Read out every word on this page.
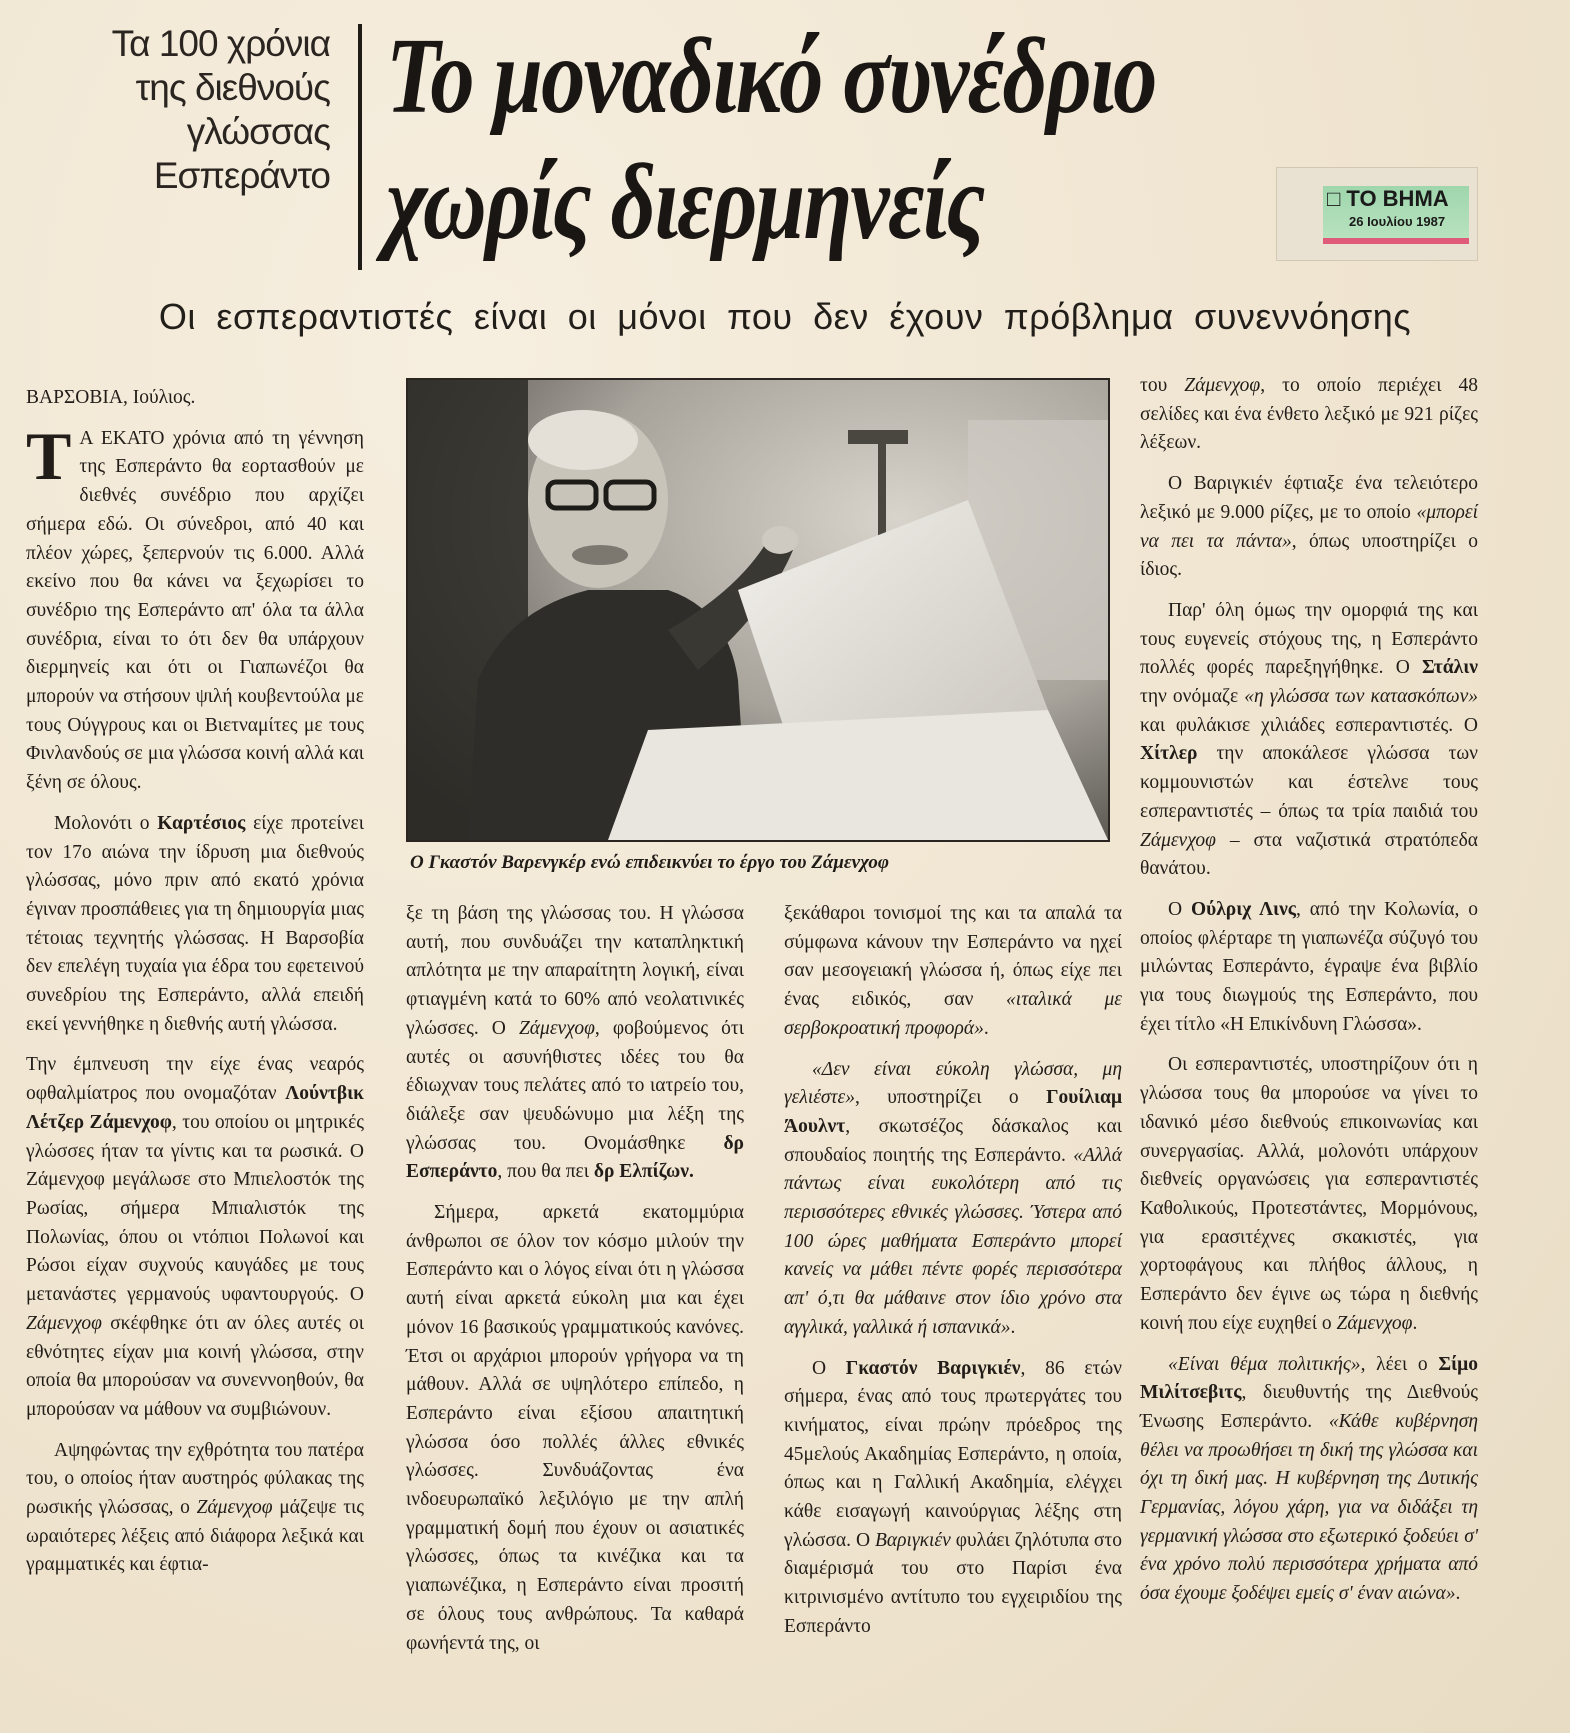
Τα 100 χρόνια
της διεθνούς
γλώσσας
Εσπεράντο
Το μοναδικό συνέδριο
χωρίς διερμηνείς	□ ΤΟ ΒΗΜΑ
26 Ιουλίου 1987
Οι εσπεραντιστές είναι οι μόνοι που δεν έχουν πρόβλημα συνεννόησης
Ο Γκαστόν Βαρενγκέρ ενώ επιδεικνύει το έργο του Ζάμενχοφ

ΒΑΡΣΟΒΙΑ, Ιούλιος.

Τ Α ΕΚΑΤΟ χρόνια από τη γέννηση της Εσπεράντο θα εορτασθούν με διεθνές συνέδριο που αρχίζει σήμερα εδώ. Οι σύνεδροι, από 40 και πλέον χώρες, ξεπερνούν τις 6.000. Αλλά εκείνο που θα κάνει να ξεχωρίσει το συνέδριο της Εσπεράντο απ' όλα τα άλλα συνέδρια, είναι το ότι δεν θα υπάρχουν διερμηνείς και ότι οι Γιαπωνέζοι θα μπορούν να στήσουν ψιλή κουβεντούλα με τους Ούγγρους και οι Βιετναμίτες με τους Φινλανδούς σε μια γλώσσα κοινή αλλά και ξένη σε όλους.

Μολονότι ο Καρτέσιος είχε προτείνει τον 17ο αιώνα την ίδρυση μια διεθνούς γλώσσας, μόνο πριν από εκατό χρόνια έγιναν προσπάθειες για τη δημιουργία μιας τέτοιας τεχνητής γλώσσας. Η Βαρσοβία δεν επελέγη τυχαία για έδρα του εφετεινού συνεδρίου της Εσπεράντο, αλλά επειδή εκεί γεννήθηκε η διεθνής αυτή γλώσσα.

Την έμπνευση την είχε ένας νεαρός οφθαλμίατρος που ονομαζόταν Λούντβικ Λέτζερ Ζάμενχοφ, του οποίου οι μητρικές γλώσσες ήταν τα γίντις και τα ρωσικά. Ο Ζάμενχοφ μεγάλωσε στο Μπιελοστόκ της Ρωσίας, σήμερα Μπιαλιστόκ της Πολωνίας, όπου οι ντόπιοι Πολωνοί και Ρώσοι είχαν συχνούς καυγάδες με τους μετανάστες γερμανούς υφαντουργούς. Ο Ζάμενχοφ σκέφθηκε ότι αν όλες αυτές οι εθνότητες είχαν μια κοινή γλώσσα, στην οποία θα μπορούσαν να συνεννοηθούν, θα μπορούσαν να μάθουν να συμβιώνουν.

Αψηφώντας την εχθρότητα του πατέρα του, ο οποίος ήταν αυστηρός φύλακας της ρωσικής γλώσσας, ο Ζάμενχοφ μάζεψε τις ωραιότερες λέξεις από διάφορα λεξικά και γραμματικές και έφτια-

ξε τη βάση της γλώσσας του. Η γλώσσα αυτή, που συνδυάζει την καταπληκτική απλότητα με την απαραίτητη λογική, είναι φτιαγμένη κατά το 60% από νεολατινικές γλώσσες. Ο Ζάμενχοφ, φοβούμενος ότι αυτές οι ασυνήθιστες ιδέες του θα έδιωχναν τους πελάτες από το ιατρείο του, διάλεξε σαν ψευδώνυμο μια λέξη της γλώσσας του. Ονομάσθηκε δρ Εσπεράντο, που θα πει δρ Ελπίζων.

Σήμερα, αρκετά εκατομμύρια άνθρωποι σε όλον τον κόσμο μιλούν την Εσπεράντο και ο λόγος είναι ότι η γλώσσα αυτή είναι αρκετά εύκολη μια και έχει μόνον 16 βασικούς γραμματικούς κανόνες. Έτσι οι αρχάριοι μπορούν γρήγορα να τη μάθουν. Αλλά σε υψηλότερο επίπεδο, η Εσπεράντο είναι εξίσου απαιτητική γλώσσα όσο πολλές άλλες εθνικές γλώσσες. Συνδυάζοντας ένα ινδοευρωπαϊκό λεξιλόγιο με την απλή γραμματική δομή που έχουν οι ασιατικές γλώσσες, όπως τα κινέζικα και τα γιαπωνέζικα, η Εσπεράντο είναι προσιτή σε όλους τους ανθρώπους. Τα καθαρά φωνήεντά της, οι

ξεκάθαροι τονισμοί της και τα απαλά τα σύμφωνα κάνουν την Εσπεράντο να ηχεί σαν μεσογειακή γλώσσα ή, όπως είχε πει ένας ειδικός, σαν «ιταλικά με σερβοκροατική προφορά».

«Δεν είναι εύκολη γλώσσα, μη γελιέστε», υποστηρίζει ο Γουίλιαμ Άουλντ, σκωτσέζος δάσκαλος και σπουδαίος ποιητής της Εσπεράντο. «Αλλά πάντως είναι ευκολότερη από τις περισσότερες εθνικές γλώσσες. Ύστερα από 100 ώρες μαθήματα Εσπεράντο μπορεί κανείς να μάθει πέντε φορές περισσότερα απ' ό,τι θα μάθαινε στον ίδιο χρόνο στα αγγλικά, γαλλικά ή ισπανικά».

Ο Γκαστόν Βαριγκιέν, 86 ετών σήμερα, ένας από τους πρωτεργάτες του κινήματος, είναι πρώην πρόεδρος της 45μελούς Ακαδημίας Εσπεράντο, η οποία, όπως και η Γαλλική Ακαδημία, ελέγχει κάθε εισαγωγή καινούργιας λέξης στη γλώσσα. Ο Βαριγκιέν φυλάει ζηλότυπα στο διαμέρισμά του στο Παρίσι ένα κιτρινισμένο αντίτυπο του εγχειριδίου της Εσπεράντο

του Ζάμενχοφ, το οποίο περιέχει 48 σελίδες και ένα ένθετο λεξικό με 921 ρίζες λέξεων.

Ο Βαριγκιέν έφτιαξε ένα τελειότερο λεξικό με 9.000 ρίζες, με το οποίο «μπορεί να πει τα πάντα», όπως υποστηρίζει ο ίδιος.

Παρ' όλη όμως την ομορφιά της και τους ευγενείς στόχους της, η Εσπεράντο πολλές φορές παρεξηγήθηκε. Ο Στάλιν την ονόμαζε «η γλώσσα των κατασκόπων» και φυλάκισε χιλιάδες εσπεραντιστές. Ο Χίτλερ την αποκάλεσε γλώσσα των κομμουνιστών και έστελνε τους εσπεραντιστές – όπως τα τρία παιδιά του Ζάμενχοφ – στα ναζιστικά στρατόπεδα θανάτου.

Ο Ούλριχ Λινς, από την Κολωνία, ο οποίος φλέρταρε τη γιαπωνέζα σύζυγό του μιλώντας Εσπεράντο, έγραψε ένα βιβλίο για τους διωγμούς της Εσπεράντο, που έχει τίτλο «Η Επικίνδυνη Γλώσσα».

Οι εσπεραντιστές, υποστηρίζουν ότι η γλώσσα τους θα μπορούσε να γίνει το ιδανικό μέσο διεθνούς επικοινωνίας και συνεργασίας. Αλλά, μολονότι υπάρχουν διεθνείς οργανώσεις για εσπεραντιστές Καθολικούς, Προτεστάντες, Μορμόνους, για ερασιτέχνες σκακιστές, για χορτοφάγους και πλήθος άλλους, η Εσπεράντο δεν έγινε ως τώρα η διεθνής κοινή που είχε ευχηθεί ο Ζάμενχοφ.

«Είναι θέμα πολιτικής», λέει ο Σίμο Μιλίτσεβιτς, διευθυντής της Διεθνούς Ένωσης Εσπεράντο. «Κάθε κυβέρνηση θέλει να προωθήσει τη δική της γλώσσα και όχι τη δική μας. Η κυβέρνηση της Δυτικής Γερμανίας, λόγου χάρη, για να διδάξει τη γερμανική γλώσσα στο εξωτερικό ξοδεύει σ' ένα χρόνο πολύ περισσότερα χρήματα από όσα έχουμε ξοδέψει εμείς σ' έναν αιώνα».
